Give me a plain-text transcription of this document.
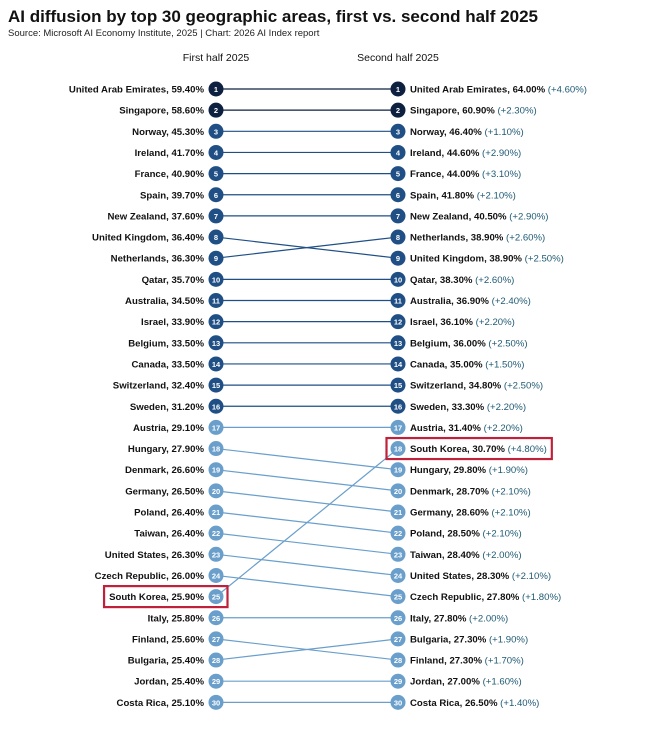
AI diffusion by top 30 geographic areas, first vs. second half 2025
Source: Microsoft AI Economy Institute, 2025 | Chart: 2026 AI Index report
United Arab Emirates, 59.40% 1
Singapore, 58.60% 2
Norway, 45.30% 3
Ireland, 41.70% 4
France, 40.90% 5
Spain, 39.70% 6
New Zealand, 37.60% 7
United Kingdom, 36.40% 8
Netherlands, 36.30% 9
Qatar, 35.70% 10
Australia, 34.50% 11
Israel, 33.90% 12
Belgium, 33.50% 13
Canada, 33.50% 14
Switzerland, 32.40% 15
Sweden, 31.20% 16
Austria, 29.10% 17
Hungary, 27.90% 18
Denmark, 26.60% 19
Germany, 26.50% 20
Poland, 26.40% 21
Taiwan, 26.40% 22
United States, 26.30% 23
Czech Republic, 26.00% 24
South Korea, 25.90% 25
Italy, 25.80% 26
Finland, 25.60% 27
Bulgaria, 25.40% 28
Jordan, 25.40% 29
Costa Rica, 25.10% 30
1 United Arab Emirates, 64.00% (+4.60%)
2 Singapore, 60.90% (+2.30%)
3 Norway, 46.40% (+1.10%)
4 Ireland, 44.60% (+2.90%)
5 France, 44.00% (+3.10%)
6 Spain, 41.80% (+2.10%)
7 New Zealand, 40.50% (+2.90%)
8 Netherlands, 38.90% (+2.60%)
9 United Kingdom, 38.90% (+2.50%)
10 Qatar, 38.30% (+2.60%)
11 Australia, 36.90% (+2.40%)
12 Israel, 36.10% (+2.20%)
13 Belgium, 36.00% (+2.50%)
14 Canada, 35.00% (+1.50%)
15 Switzerland, 34.80% (+2.50%)
16 Sweden, 33.30% (+2.20%)
17 Austria, 31.40% (+2.20%)
18 South Korea, 30.70% (+4.80%)
19 Hungary, 29.80% (+1.90%)
20 Denmark, 28.70% (+2.10%)
21 Germany, 28.60% (+2.10%)
22 Poland, 28.50% (+2.10%)
23 Taiwan, 28.40% (+2.00%)
24 United States, 28.30% (+2.10%)
25 Czech Republic, 27.80% (+1.80%)
26 Italy, 27.80% (+2.00%)
27 Bulgaria, 27.30% (+1.90%)
28 Finland, 27.30% (+1.70%)
29 Jordan, 27.00% (+1.60%)
30 Costa Rica, 26.50% (+1.40%)
First half 2025	Second half 2025
